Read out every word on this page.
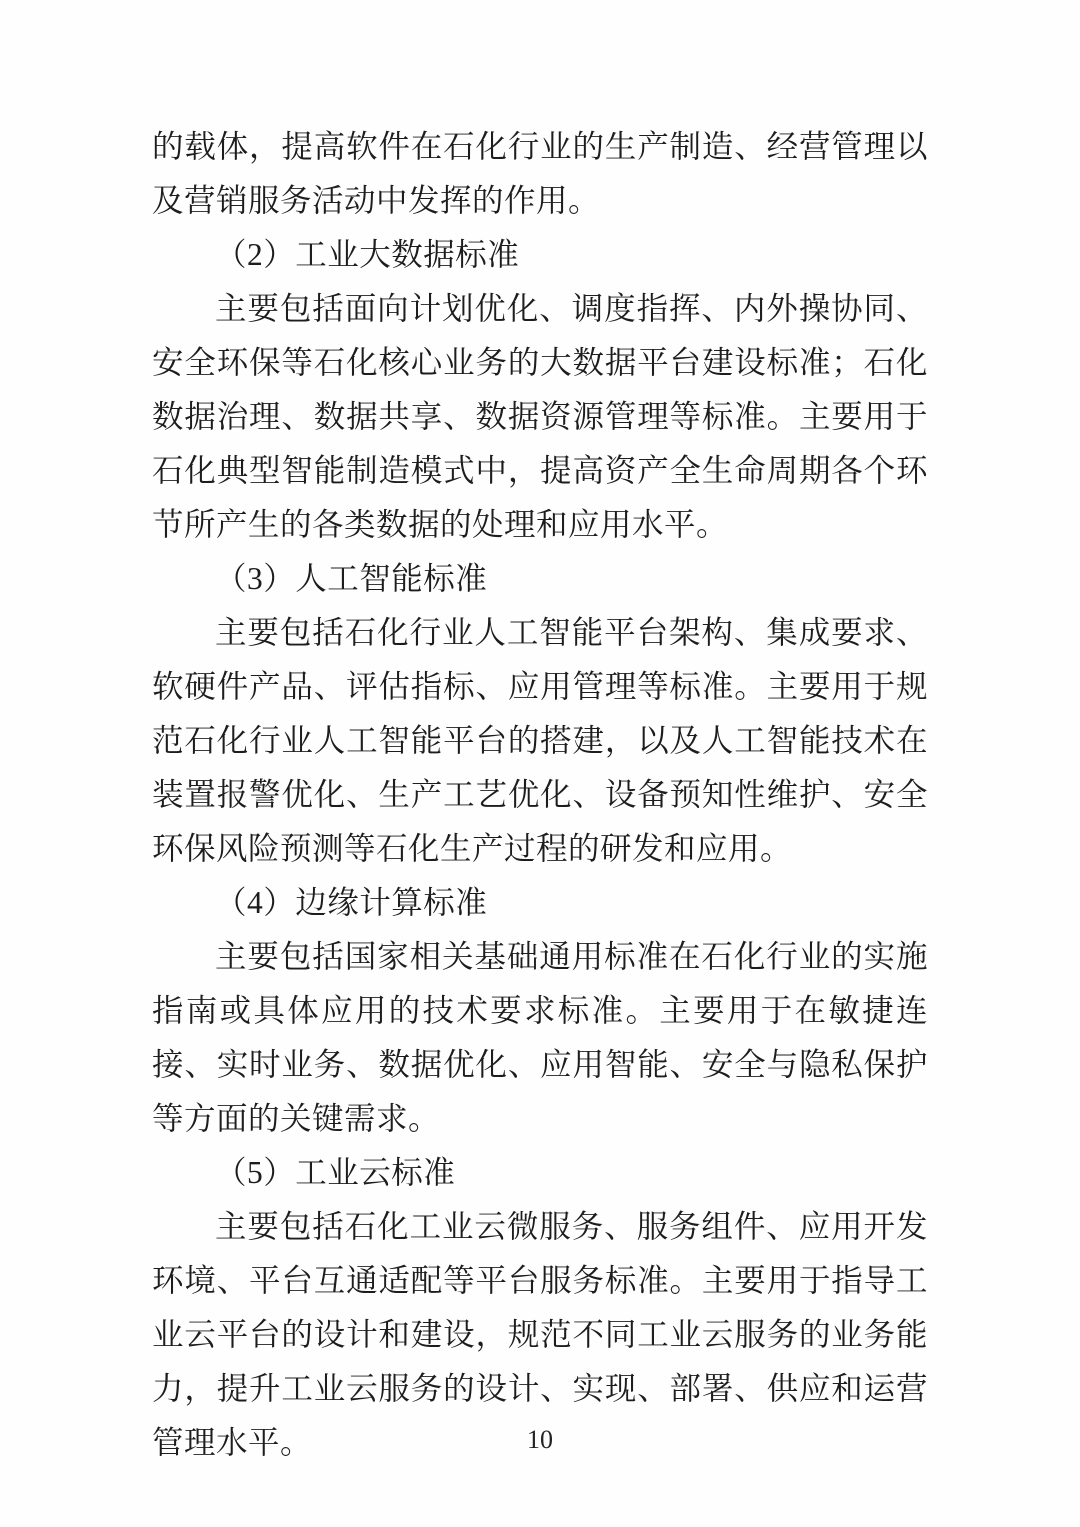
的载体，提高软件在石化行业的生产制造、经营管理以及营销服务活动中发挥的作用。

（2）工业大数据标准

主要包括面向计划优化、调度指挥、内外操协同、安全环保等石化核心业务的大数据平台建设标准；石化数据治理、数据共享、数据资源管理等标准。主要用于石化典型智能制造模式中，提高资产全生命周期各个环节所产生的各类数据的处理和应用水平。

（3）人工智能标准

主要包括石化行业人工智能平台架构、集成要求、软硬件产品、评估指标、应用管理等标准。主要用于规范石化行业人工智能平台的搭建，以及人工智能技术在装置报警优化、生产工艺优化、设备预知性维护、安全环保风险预测等石化生产过程的研发和应用。

（4）边缘计算标准

主要包括国家相关基础通用标准在石化行业的实施指南或具体应用的技术要求标准。主要用于在敏捷连接、实时业务、数据优化、应用智能、安全与隐私保护等方面的关键需求。

（5）工业云标准

主要包括石化工业云微服务、服务组件、应用开发环境、平台互通适配等平台服务标准。主要用于指导工业云平台的设计和建设，规范不同工业云服务的业务能力，提升工业云服务的设计、实现、部署、供应和运营管理水平。	10
